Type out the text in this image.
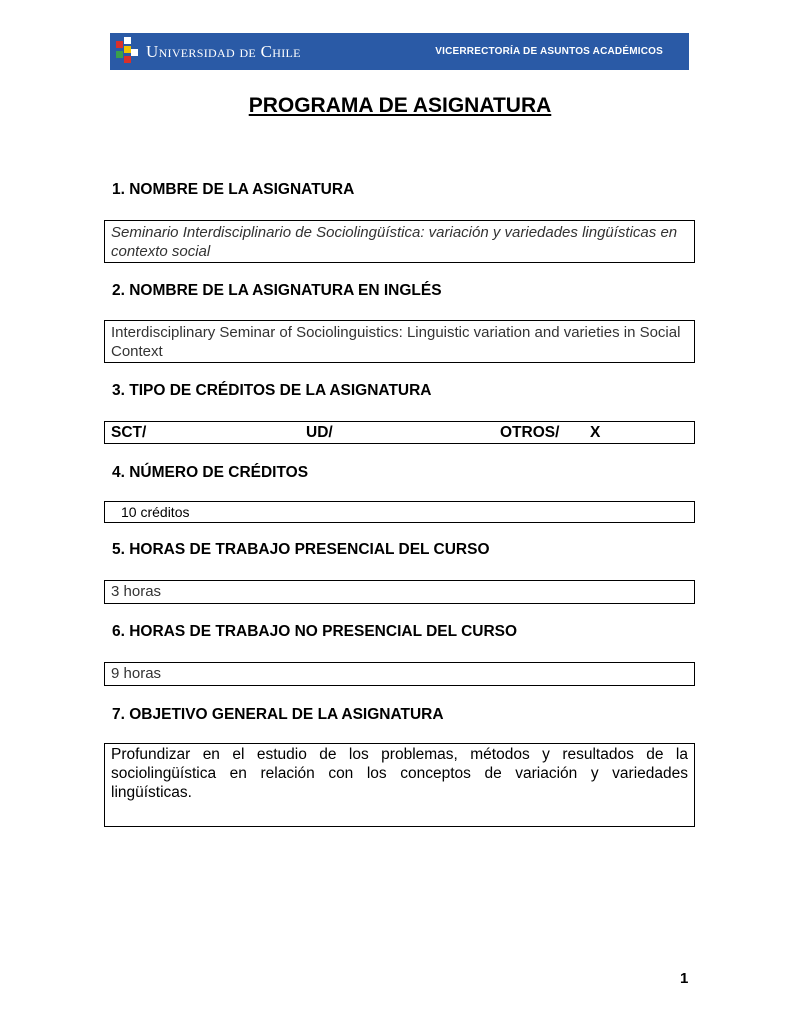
Universidad de Chile	VICERRECTORÍA DE ASUNTOS ACADÉMICOS
PROGRAMA DE ASIGNATURA
1. NOMBRE DE LA ASIGNATURA
Seminario Interdisciplinario de Sociolingüística: variación y variedades lingüísticas en contexto social
2. NOMBRE DE LA ASIGNATURA EN INGLÉS
Interdisciplinary Seminar of Sociolinguistics: Linguistic variation and varieties in Social Context
3. TIPO DE CRÉDITOS DE LA ASIGNATURA
SCT/	UD/	OTROS/ X
4. NÚMERO DE CRÉDITOS
10 créditos
5. HORAS DE TRABAJO PRESENCIAL DEL CURSO
3 horas
6. HORAS DE TRABAJO NO PRESENCIAL DEL CURSO
9 horas
7. OBJETIVO GENERAL DE LA ASIGNATURA
Profundizar en el estudio de los problemas, métodos y resultados de la sociolingüística en relación con los conceptos de variación y variedades lingüísticas.
1
